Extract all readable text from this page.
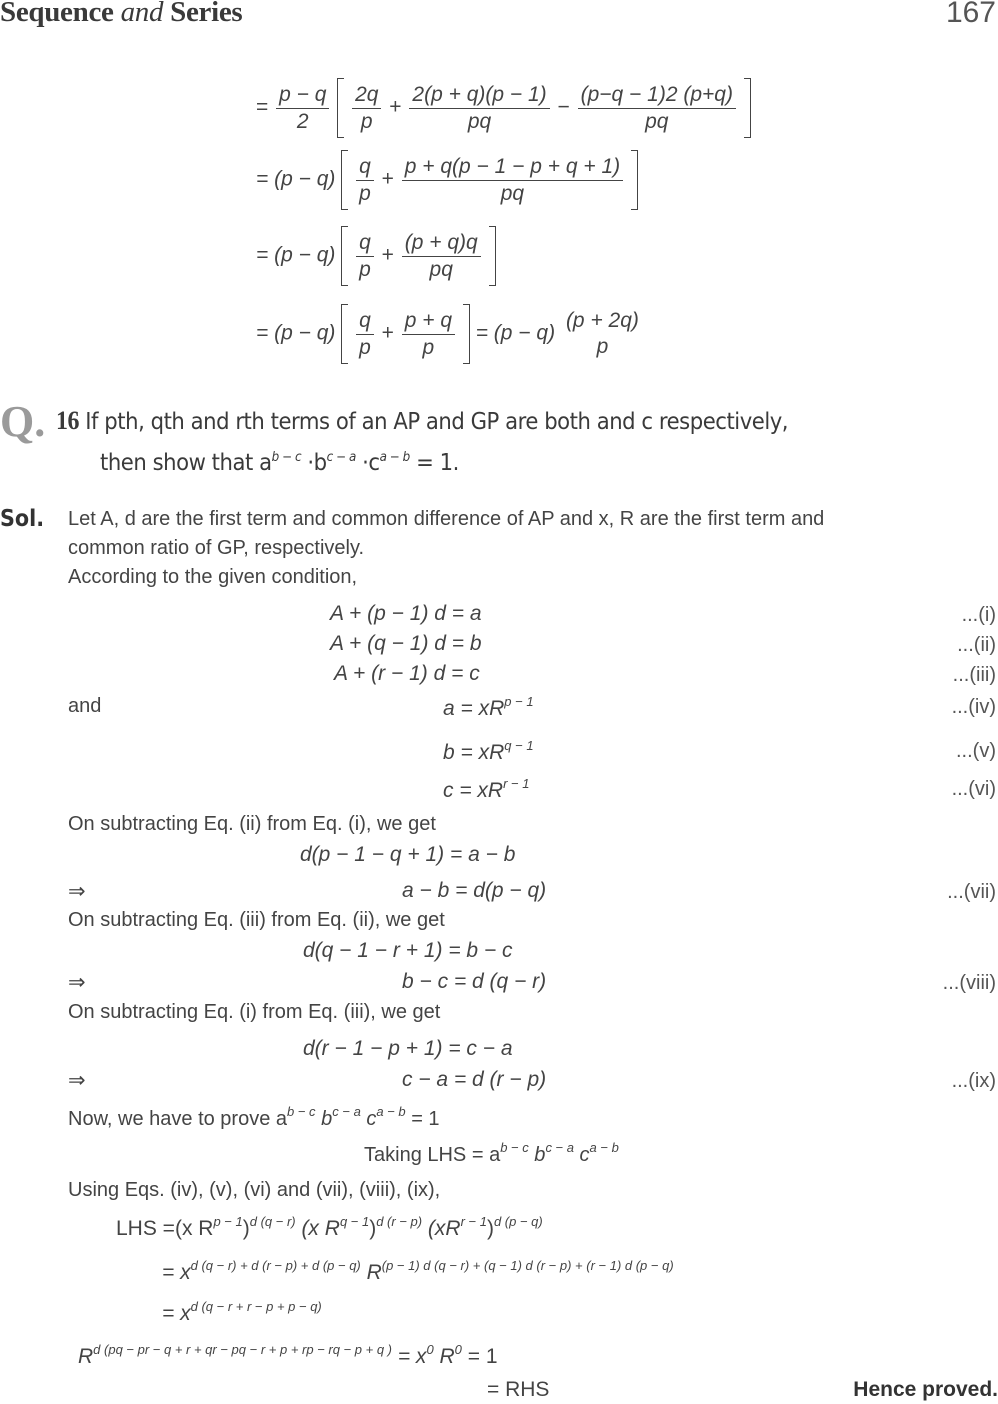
Sequence and Series	167
= $\frac{p - q}{2}$
$\frac{2q}{p} + \frac{2(p + q)(p - 1)}{pq} - \frac{(p-q - 1)2 (p+q)}{pq}$

= $(p - q) \frac{q}{p} + \frac{p + q(p - 1 - p + q + 1)}{pq}$

= $(p - q) \frac{q}{p} + \frac{(p + q)q}{pq}$

= $(p - q) \frac{q}{p} + \frac{p + q}{p} = (p - q)$
(p + 2q)
p
Q. 16 If pth, qth and rth terms of an AP and GP are both and c respectively,
then show that $a^{b - c} \cdot b^{c - a} \cdot c^{a - b} = 1$.
Sol. Let A, d are the first term and common difference of AP and x, R are the first term and
common ratio of GP, respectively.
According to the given condition,
A + (p − 1) d = a	...(i)
A + (q − 1) d = b	...(ii)
A + (r − 1) d = c	...(iii)
and	$a = xR^{p - 1}$	...(iv)
$b = xR^{q - 1}$	...(v)
$c = xR^{r - 1}$	...(vi)
On subtracting Eq. (ii) from Eq. (i), we get
d(p − 1 − q + 1) = a − b
⇒	a − b = d(p − q)	...(vii)
On subtracting Eq. (iii) from Eq. (ii), we get
d(q − 1 − r + 1) = b − c
⇒	b − c = d (q − r)	...(viii)
On subtracting Eq. (i) from Eq. (iii), we get
d(r − 1 − p + 1) = c − a
⇒	c − a = d (r − p)	...(ix)
Now, we have to prove $a^{b - c}$ $b^{c - a}$ $c^{a - b} = 1$
Taking LHS = $a^{b - c}$ $b^{c - a}$ $c^{a - b}$
Using Eqs. (iv), (v), (vi) and (vii), (viii), (ix),
LHS =(x $R^{p - 1})^{d (q - r)}$ (x $R^{q - 1})^{d (r - p)}$ $(xR^{r - 1})^{d (p - q)}$
= $x^{d (q - r) + d (r - p) + d (p - q)}$ $R^{(p - 1) d (q - r) + (q - 1) d (r - p) + (r - 1) d (p - q)}$
= $x^{d (q - r + r - p + p - q)}$
$R^{d (pq - pr - q + r + qr - pq - r + p + rp - rq - p + q )} = x^0$ $R^0 = 1$
= RHS	Hence proved.
